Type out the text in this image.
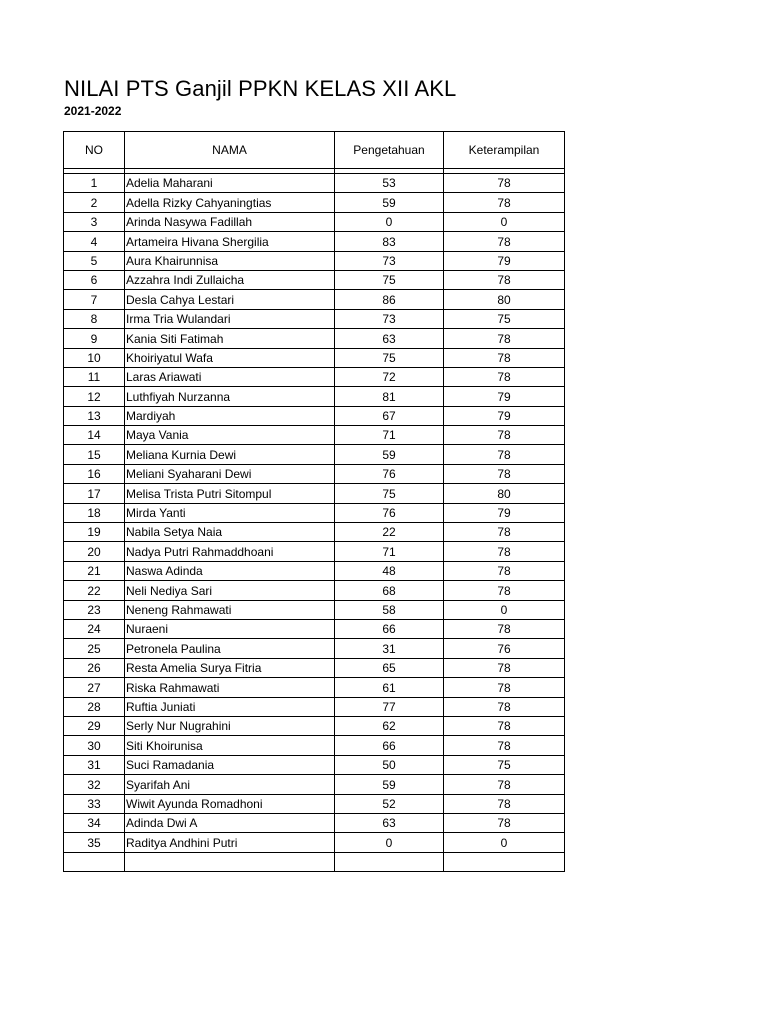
NILAI PTS Ganjil PPKN KELAS XII AKL
2021-2022
NO	NAMA	Pengetahuan	Keterampilan

1	Adelia Maharani	53	78
2	Adella Rizky Cahyaningtias	59	78
3	Arinda Nasywa Fadillah	0	0
4	Artameira Hivana Shergilia	83	78
5	Aura Khairunnisa	73	79
6	Azzahra Indi Zullaicha	75	78
7	Desla Cahya Lestari	86	80
8	Irma Tria Wulandari	73	75
9	Kania Siti Fatimah	63	78
10	Khoiriyatul Wafa	75	78
11	Laras Ariawati	72	78
12	Luthfiyah Nurzanna	81	79
13	Mardiyah	67	79
14	Maya Vania	71	78
15	Meliana Kurnia Dewi	59	78
16	Meliani Syaharani Dewi	76	78
17	Melisa Trista Putri Sitompul	75	80
18	Mirda Yanti	76	79
19	Nabila Setya Naia	22	78
20	Nadya Putri Rahmaddhoani	71	78
21	Naswa Adinda	48	78
22	Neli Nediya Sari	68	78
23	Neneng Rahmawati	58	0
24	Nuraeni	66	78
25	Petronela Paulina	31	76
26	Resta Amelia Surya Fitria	65	78
27	Riska Rahmawati	61	78
28	Ruftia Juniati	77	78
29	Serly Nur Nugrahini	62	78
30	Siti Khoirunisa	66	78
31	Suci Ramadania	50	75
32	Syarifah Ani	59	78
33	Wiwit Ayunda Romadhoni	52	78
34	Adinda Dwi A	63	78
35	Raditya Andhini Putri	0	0
